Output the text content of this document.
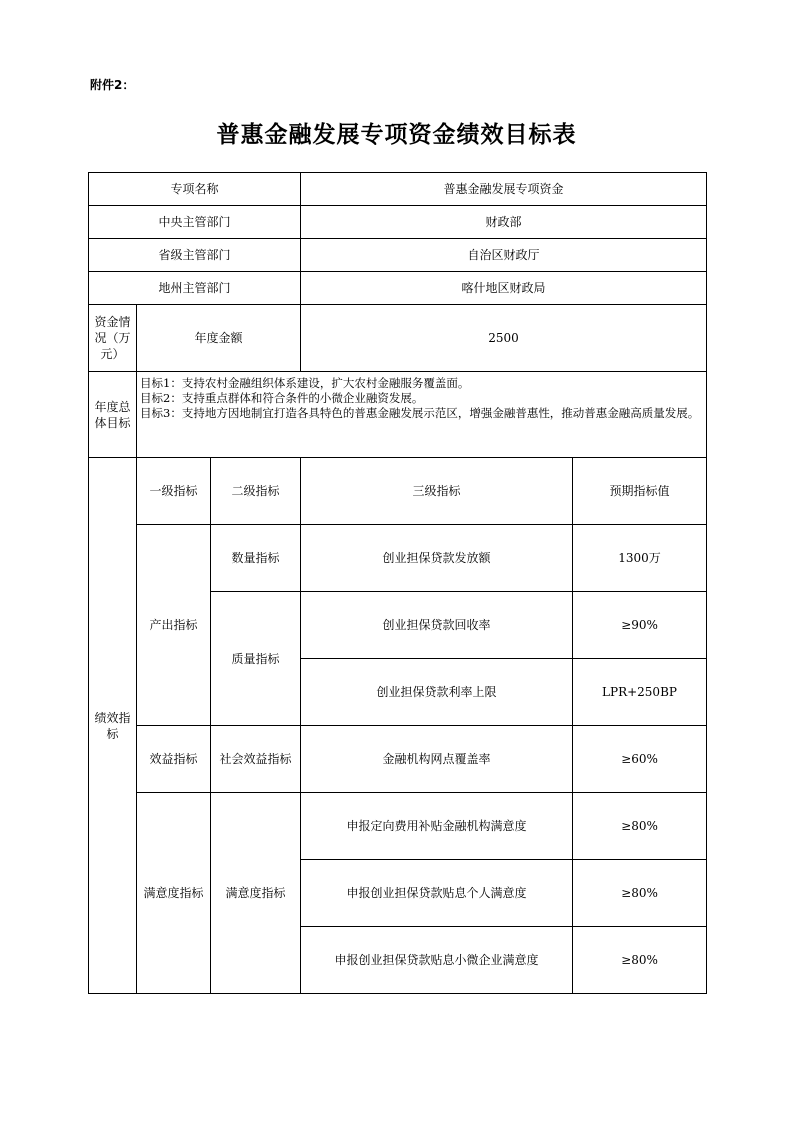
附件2：
普惠金融发展专项资金绩效目标表
专项名称			普惠金融发展专项资金	
中央主管部门			财政部	
省级主管部门			自治区财政厅	
地州主管部门			喀什地区财政局	
资金情况（万元）	年度金额		2500	
年度总体目标	目标1：支持农村金融组织体系建设，扩大农村金融服务覆盖面。
目标2：支持重点群体和符合条件的小微企业融资发展。
目标3：支持地方因地制宜打造各具特色的普惠金融发展示范区，增强金融普惠性，推动普惠金融高质量发展。			

绩效指标	一级指标	二级指标	三级指标	预期指标值
	产出指标	数量指标	创业担保贷款发放额	1300万
		质量指标	创业担保贷款回收率	≥90%
			创业担保贷款利率上限	LPR+250BP
	效益指标	社会效益指标	金融机构网点覆盖率	≥60%
	满意度指标	满意度指标	申报定向费用补贴金融机构满意度	≥80%
			申报创业担保贷款贴息个人满意度	≥80%
			申报创业担保贷款贴息小微企业满意度	≥80%
